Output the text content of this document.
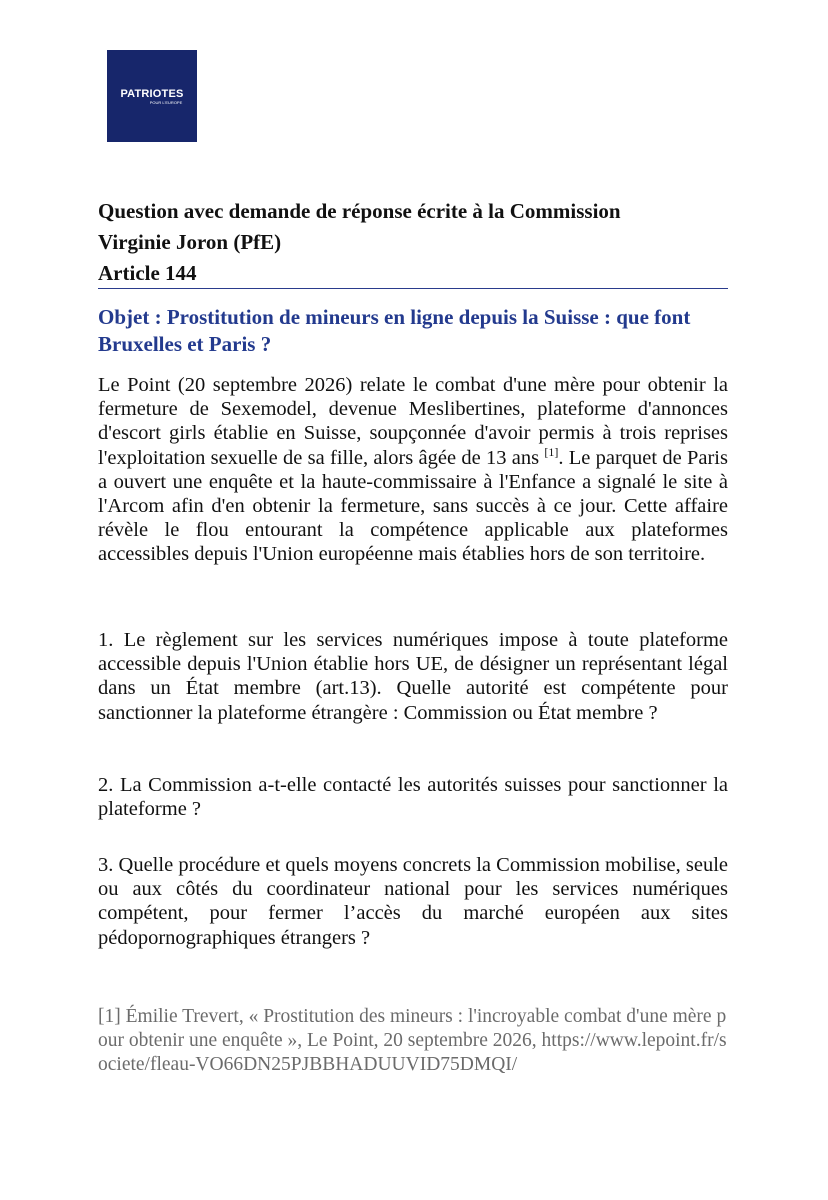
PATRIOTES
POUR L'EUROPE
Question avec demande de réponse écrite à la Commission
Virginie Joron (PfE)
Article 144
Objet : Prostitution de mineurs en ligne depuis la Suisse : que font Bruxelles et Paris ?
Le Point (20 septembre 2026) relate le combat d'une mère pour obtenir la fermeture de Sexemodel, devenue Meslibertines, plateforme d'annonces d'escort girls établie en Suisse, soupçonnée d'avoir permis à trois reprises l'exploitation sexuelle de sa fille, alors âgée de 13 ans [1]. Le parquet de Paris a ouvert une enquête et la haute-commissaire à l'Enfance a signalé le site à l'Arcom afin d'en obtenir la fermeture, sans succès à ce jour. Cette affaire révèle le flou entourant la compétence applicable aux plateformes accessibles depuis l'Union européenne mais établies hors de son territoire.
1. Le règlement sur les services numériques impose à toute plateforme accessible depuis l'Union établie hors UE, de désigner un représentant légal dans un État membre (art.13). Quelle autorité est compétente pour sanctionner la plateforme étrangère : Commission ou État membre ?
2. La Commission a-t-elle contacté les autorités suisses pour sanctionner la plateforme ?
3. Quelle procédure et quels moyens concrets la Commission mobilise, seule ou aux côtés du coordinateur national pour les services numériques compétent, pour fermer l’accès du marché européen aux sites pédopornographiques étrangers ?
[1] Émilie Trevert, « Prostitution des mineurs : l'incroyable combat d'une mère pour obtenir une enquête », Le Point, 20 septembre 2026, https://www.lepoint.fr/societe/fleau-VO66DN25PJBBHADUUVID75DMQI/
